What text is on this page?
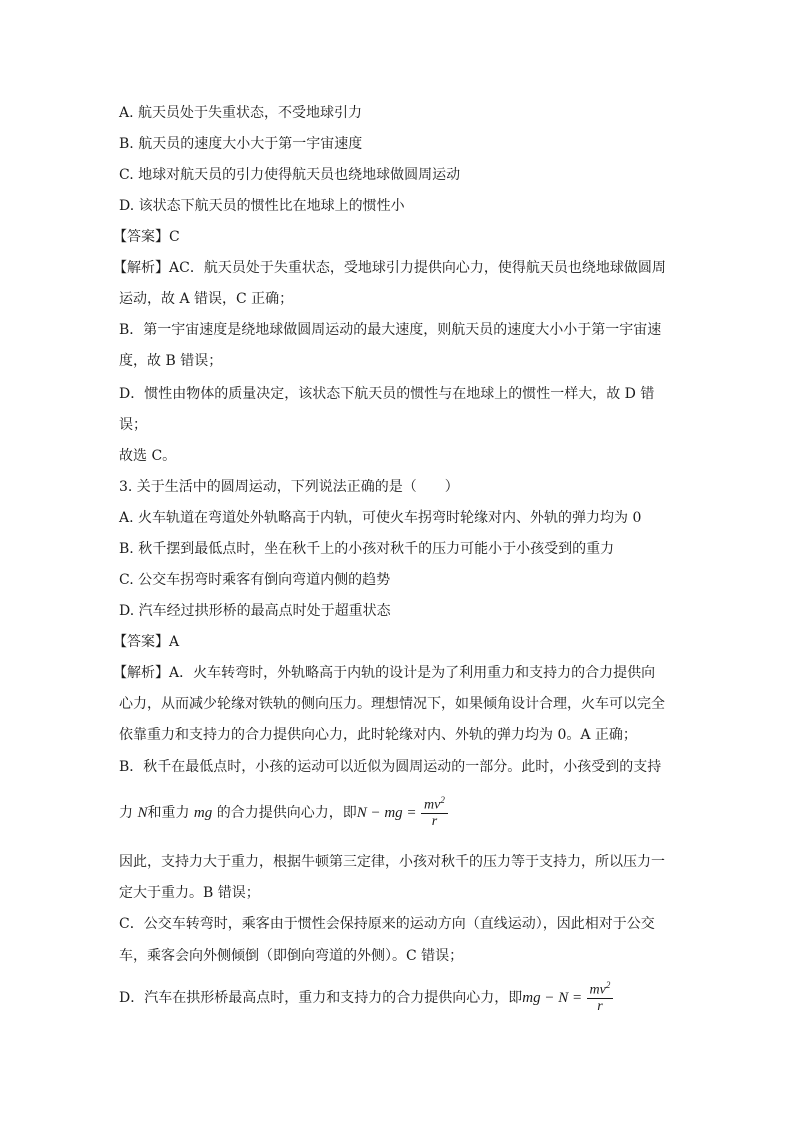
A. 航天员处于失重状态，不受地球引力
B. 航天员的速度大小大于第一宇宙速度
C. 地球对航天员的引力使得航天员也绕地球做圆周运动
D. 该状态下航天员的惯性比在地球上的惯性小
【答案】C
【解析】AC．航天员处于失重状态，受地球引力提供向心力，使得航天员也绕地球做圆周
运动，故 A 错误，C 正确；
B．第一宇宙速度是绕地球做圆周运动的最大速度，则航天员的速度大小小于第一宇宙速
度，故 B 错误；
D．惯性由物体的质量决定，该状态下航天员的惯性与在地球上的惯性一样大，故 D 错
误；
故选 C。
3. 关于生活中的圆周运动，下列说法正确的是（　　）
A. 火车轨道在弯道处外轨略高于内轨，可使火车拐弯时轮缘对内、外轨的弹力均为 0
B. 秋千摆到最低点时，坐在秋千上的小孩对秋千的压力可能小于小孩受到的重力
C. 公交车拐弯时乘客有倒向弯道内侧的趋势
D. 汽车经过拱形桥的最高点时处于超重状态
【答案】A
【解析】A．火车转弯时，外轨略高于内轨的设计是为了利用重力和支持力的合力提供向
心力，从而减少轮缘对铁轨的侧向压力。理想情况下，如果倾角设计合理，火车可以完全
依靠重力和支持力的合力提供向心力，此时轮缘对内、外轨的弹力均为 0。A 正确；
B．秋千在最低点时，小孩的运动可以近似为圆周运动的一部分。此时，小孩受到的支持
力 N和重力 mg 的合力提供向心力，即N − mg = $\frac{mv^2}{r}$
因此，支持力大于重力，根据牛顿第三定律，小孩对秋千的压力等于支持力，所以压力一
定大于重力。B 错误；
C．公交车转弯时，乘客由于惯性会保持原来的运动方向（直线运动），因此相对于公交
车，乘客会向外侧倾倒（即倒向弯道的外侧）。C 错误；
D．汽车在拱形桥最高点时，重力和支持力的合力提供向心力，即mg − $N = \frac{mv^2}{r}$
